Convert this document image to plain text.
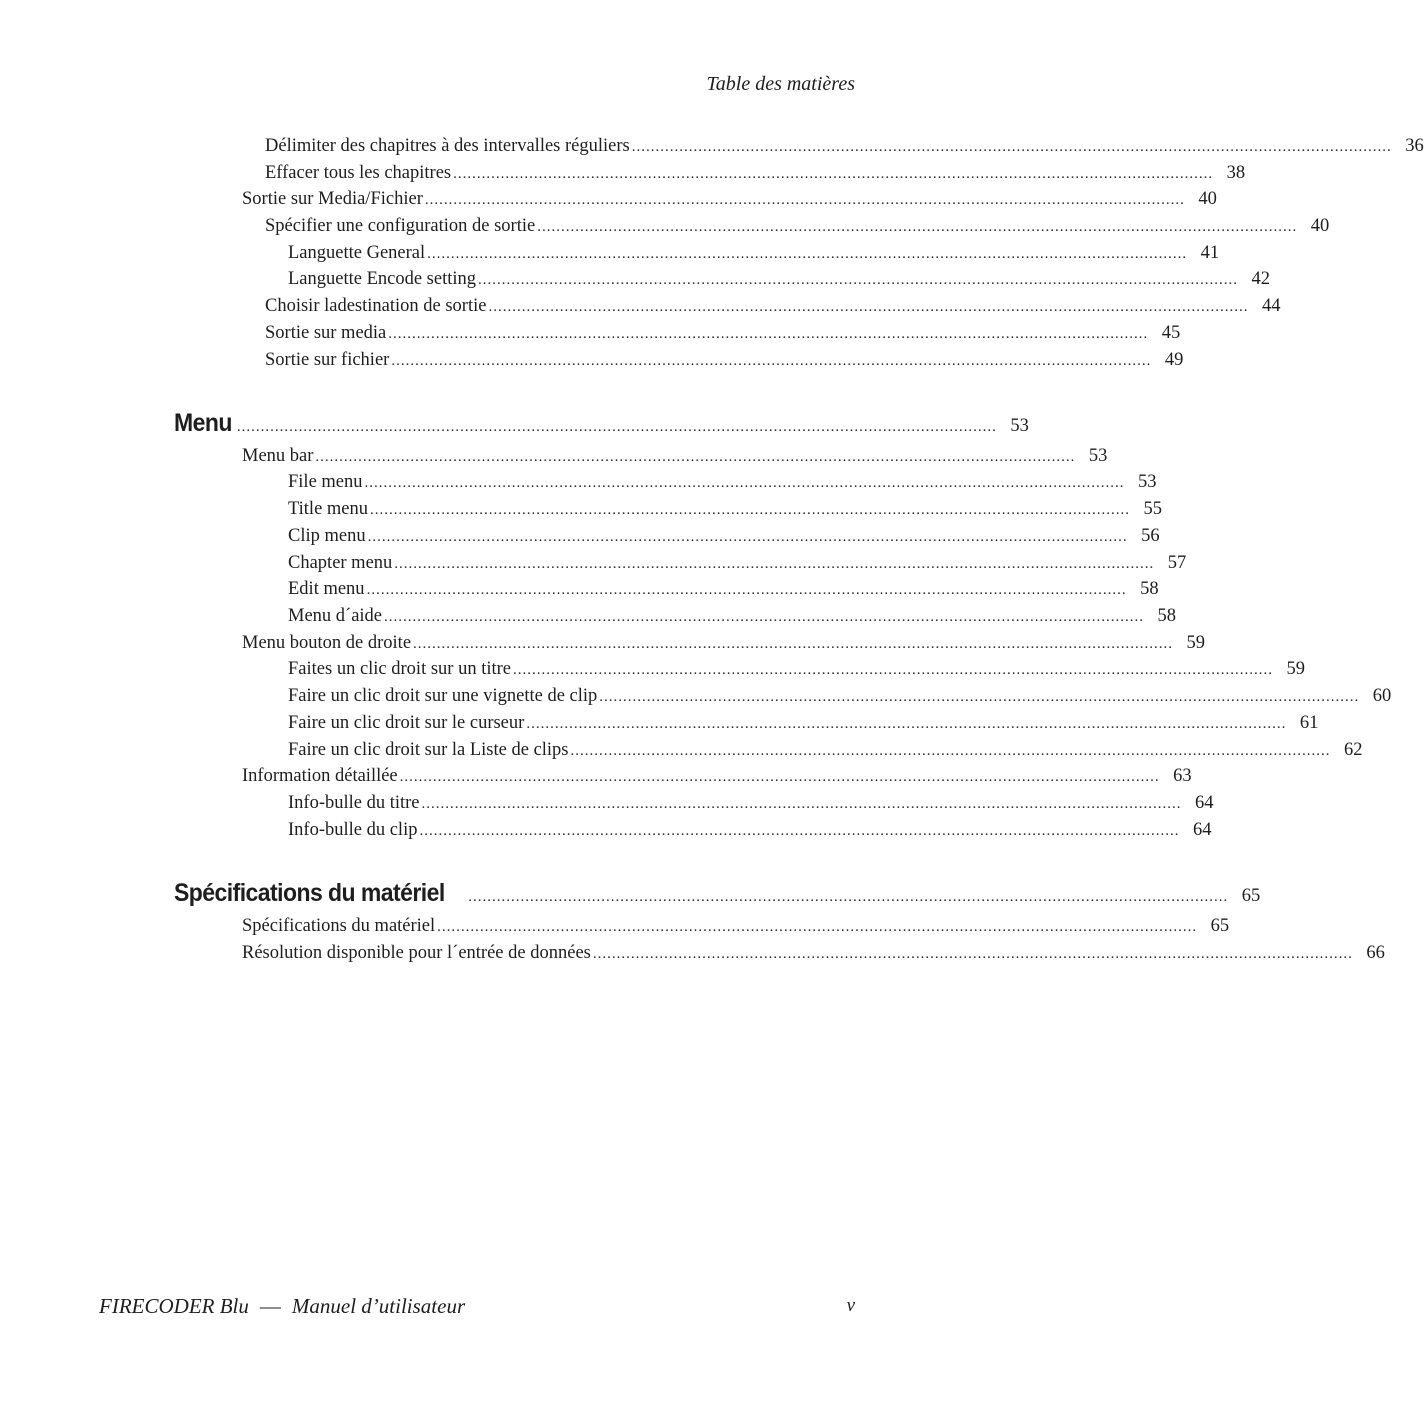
Table des matières
Délimiter des chapitres à des intervalles réguliers ................................................................................................................................................................ 36
Effacer tous les chapitres ................................................................................................................................................................ 38
Sortie sur Media/Fichier ................................................................................................................................................................ 40
Spécifier une configuration de sortie ................................................................................................................................................................ 40
Languette General ................................................................................................................................................................ 41
Languette Encode setting ................................................................................................................................................................ 42
Choisir ladestination de sortie ................................................................................................................................................................ 44
Sortie sur media ................................................................................................................................................................ 45
Sortie sur fichier ................................................................................................................................................................ 49
Menu ................................................................................................................................................................ 53
Menu bar ................................................................................................................................................................ 53
File menu ................................................................................................................................................................ 53
Title menu ................................................................................................................................................................ 55
Clip menu ................................................................................................................................................................ 56
Chapter menu ................................................................................................................................................................ 57
Edit menu ................................................................................................................................................................ 58
Menu d´aide ................................................................................................................................................................ 58
Menu bouton de droite ................................................................................................................................................................ 59
Faites un clic droit sur un titre ................................................................................................................................................................ 59
Faire un clic droit sur une vignette de clip ................................................................................................................................................................ 60
Faire un clic droit sur le curseur ................................................................................................................................................................ 61
Faire un clic droit sur la Liste de clips ................................................................................................................................................................ 62
Information détaillée ................................................................................................................................................................ 63
Info-bulle du titre ................................................................................................................................................................ 64
Info-bulle du clip ................................................................................................................................................................ 64
Spécifications du matériel ................................................................................................................................................................ 65
Spécifications du matériel ................................................................................................................................................................ 65
Résolution disponible pour l´entrée de données ................................................................................................................................................................ 66
FIRECODER Blu — Manuel d’utilisateur	v
